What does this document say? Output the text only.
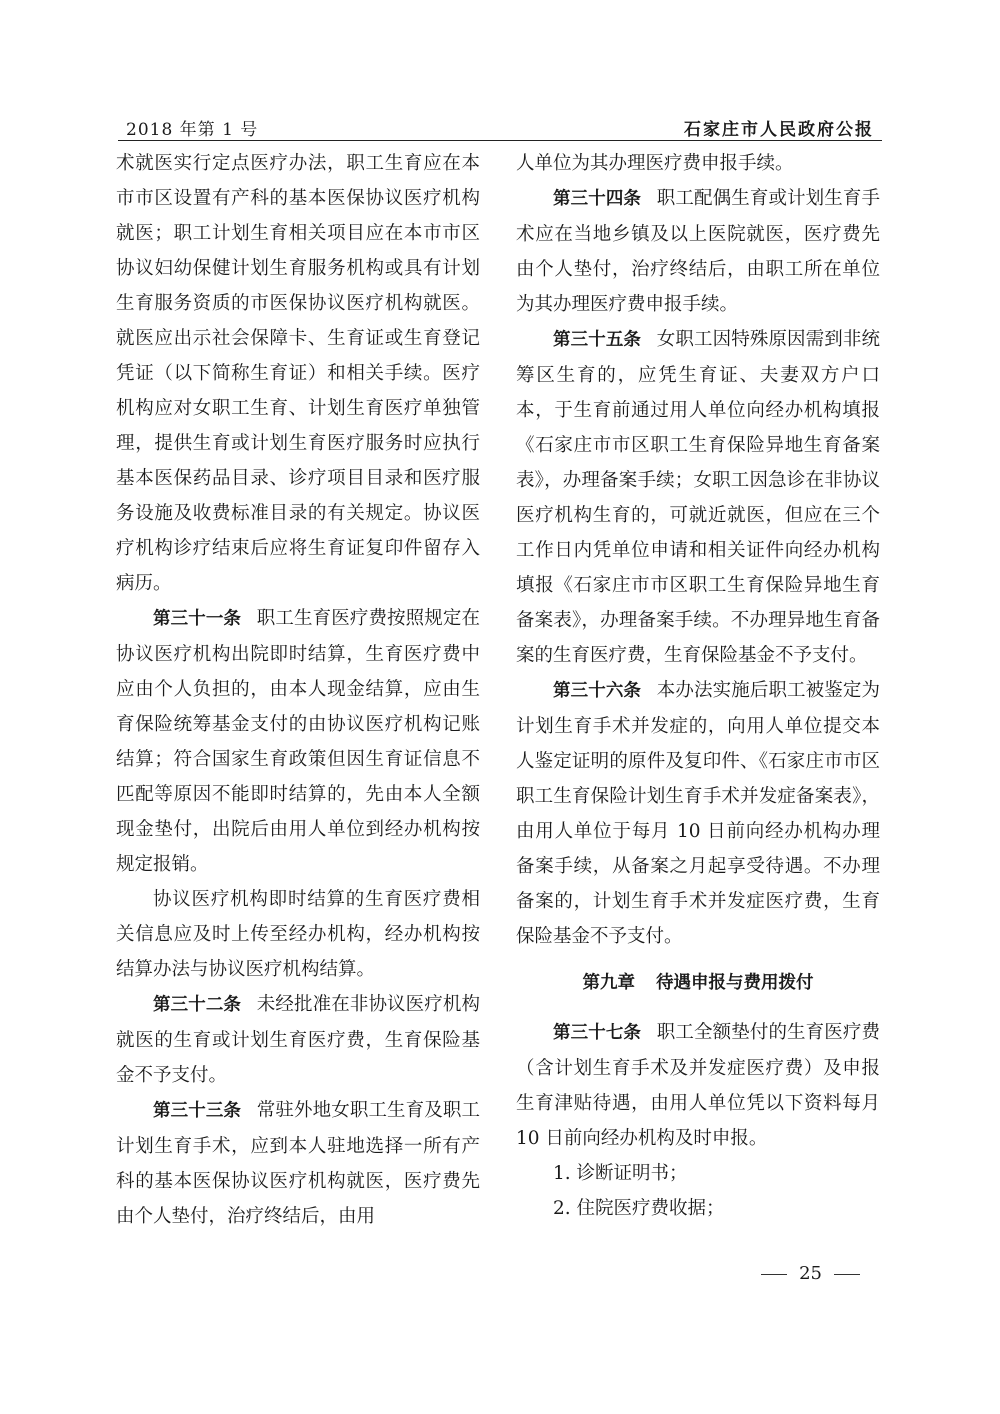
2018 年第 1 号	石家庄市人民政府公报

术就医实行定点医疗办法，职工生育应在本市市区设置有产科的基本医保协议医疗机构就医；职工计划生育相关项目应在本市市区协议妇幼保健计划生育服务机构或具有计划生育服务资质的市医保协议医疗机构就医。就医应出示社会保障卡、生育证或生育登记凭证（以下简称生育证）和相关手续。医疗机构应对女职工生育、计划生育医疗单独管理，提供生育或计划生育医疗服务时应执行基本医保药品目录、诊疗项目目录和医疗服务设施及收费标准目录的有关规定。协议医疗机构诊疗结束后应将生育证复印件留存入病历。

第三十一条 职工生育医疗费按照规定在协议医疗机构出院即时结算，生育医疗费中应由个人负担的，由本人现金结算，应由生育保险统筹基金支付的由协议医疗机构记账结算；符合国家生育政策但因生育证信息不匹配等原因不能即时结算的，先由本人全额现金垫付，出院后由用人单位到经办机构按规定报销。

协议医疗机构即时结算的生育医疗费相关信息应及时上传至经办机构，经办机构按结算办法与协议医疗机构结算。

第三十二条 未经批准在非协议医疗机构就医的生育或计划生育医疗费，生育保险基金不予支付。

第三十三条 常驻外地女职工生育及职工计划生育手术，应到本人驻地选择一所有产科的基本医保协议医疗机构就医，医疗费先由个人垫付，治疗终结后，由用

人单位为其办理医疗费申报手续。

第三十四条 职工配偶生育或计划生育手术应在当地乡镇及以上医院就医，医疗费先由个人垫付，治疗终结后，由职工所在单位为其办理医疗费申报手续。

第三十五条 女职工因特殊原因需到非统筹区生育的，应凭生育证、夫妻双方户口本，于生育前通过用人单位向经办机构填报《石家庄市市区职工生育保险异地生育备案表》，办理备案手续；女职工因急诊在非协议医疗机构生育的，可就近就医，但应在三个工作日内凭单位申请和相关证件向经办机构填报《石家庄市市区职工生育保险异地生育备案表》，办理备案手续。不办理异地生育备案的生育医疗费，生育保险基金不予支付。

第三十六条 本办法实施后职工被鉴定为计划生育手术并发症的，向用人单位提交本人鉴定证明的原件及复印件、《石家庄市市区职工生育保险计划生育手术并发症备案表》，由用人单位于每月 10 日前向经办机构办理备案手续，从备案之月起享受待遇。不办理备案的，计划生育手术并发症医疗费，生育保险基金不予支付。

第九章 待遇申报与费用拨付

第三十七条 职工全额垫付的生育医疗费（含计划生育手术及并发症医疗费）及申报生育津贴待遇，由用人单位凭以下资料每月 10 日前向经办机构及时申报。

1. 诊断证明书；

2. 住院医疗费收据；

25
